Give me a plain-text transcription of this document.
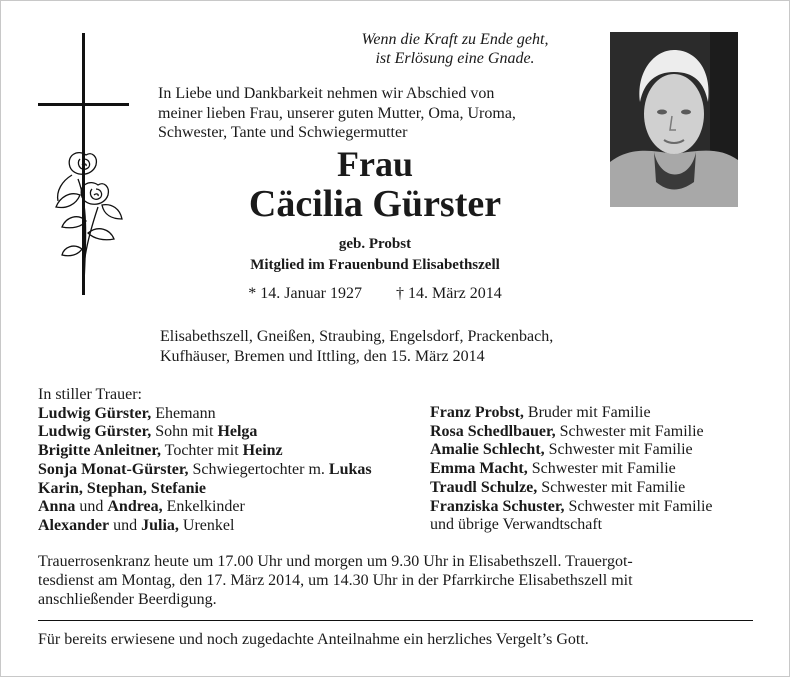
Wenn die Kraft zu Ende geht,
ist Erlösung eine Gnade.
In Liebe und Dankbarkeit nehmen wir Abschied von
meiner lieben Frau, unserer guten Mutter, Oma, Uroma,
Schwester, Tante und Schwiegermutter
Frau
Cäcilia Gürster
geb. Probst
Mitglied im Frauenbund Elisabethszell
* 14. Januar 1927 † 14. März 2014
Elisabethszell, Gneißen, Straubing, Engelsdorf, Prackenbach,
Kufhäuser, Bremen und Ittling, den 15. März 2014
In stiller Trauer:
Ludwig Gürster, Ehemann
Ludwig Gürster, Sohn mit Helga
Brigitte Anleitner, Tochter mit Heinz
Sonja Monat-Gürster, Schwiegertochter m. Lukas
Karin, Stephan, Stefanie
Anna und Andrea, Enkelkinder
Alexander und Julia, Urenkel
Franz Probst, Bruder mit Familie
Rosa Schedlbauer, Schwester mit Familie
Amalie Schlecht, Schwester mit Familie
Emma Macht, Schwester mit Familie
Traudl Schulze, Schwester mit Familie
Franziska Schuster, Schwester mit Familie
und übrige Verwandtschaft
Trauerrosenkranz heute um 17.00 Uhr und morgen um 9.30 Uhr in Elisabethszell. Trauergot-
tesdienst am Montag, den 17. März 2014, um 14.30 Uhr in der Pfarrkirche Elisabethszell mit
anschließender Beerdigung.
Für bereits erwiesene und noch zugedachte Anteilnahme ein herzliches Vergelt’s Gott.
